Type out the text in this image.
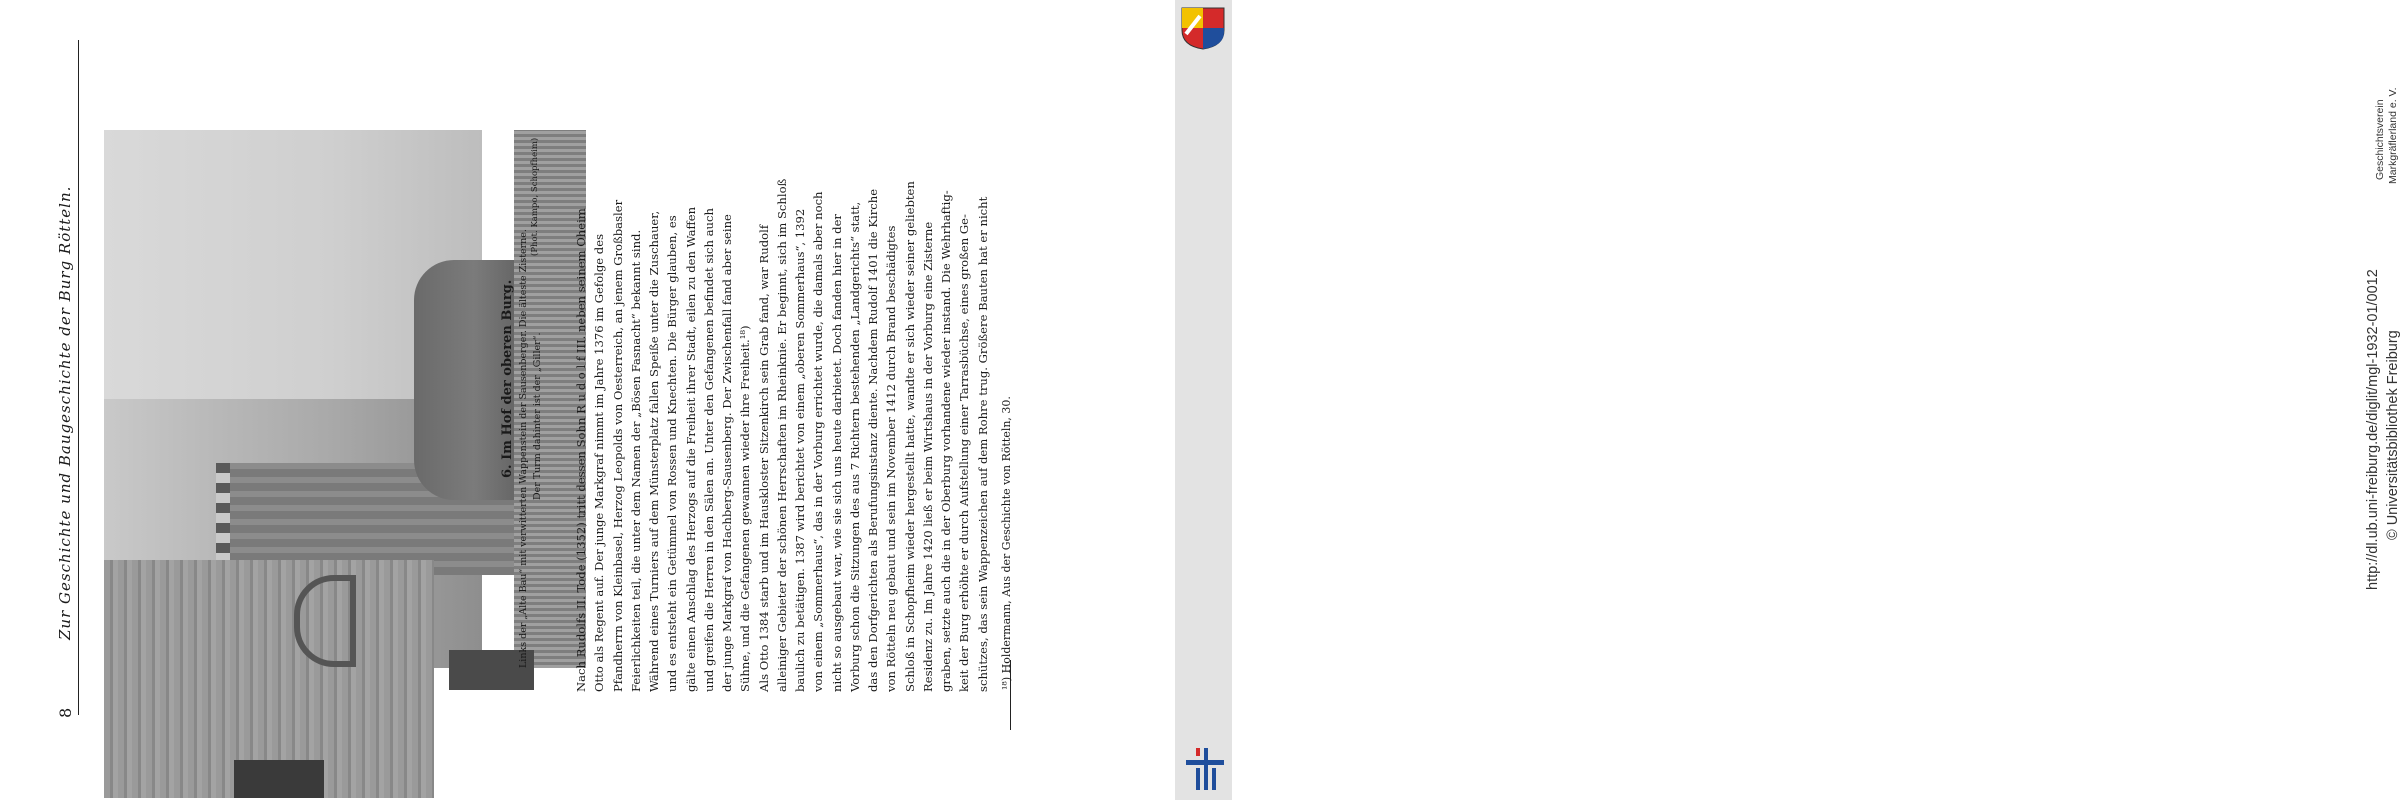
8
Zur Geschichte und Baugeschichte der Burg Rötteln.	6. Im Hof der oberen Burg. Links der „Alte Bau“ mit verwitterten Wappenstein der Sausenberger. Die älteste Zisterne. Der Turm dahinter ist der „Giller“.
(Phot. Kampo, Schopfheim)
Nach Rudolfs II. Tode (1352) tritt dessen Sohn R u d o l f III. neben seinem Oheim Otto als Regent auf. Der junge Markgraf nimmt im Jahre 1376 im Gefolge des Pfandherrn von Kleinbasel, Herzog Leopolds von Oesterreich, an jenem Großbasler Feierlichkeiten teil, die unter dem Namen der „Bösen Fasnacht“ bekannt sind. Während eines Turniers auf dem Münsterplatz fallen Speiße unter die Zuschauer, und es entsteht ein Getümmel von Rossen und Knechten. Die Bürger glauben, es gälte einen Anschlag des Herzogs auf die Freiheit ihrer Stadt, eilen zu den Waffen und greifen die Herren in den Sälen an. Unter den Gefangenen befindet sich auch der junge Markgraf von Hachberg-Sausenberg. Der Zwischenfall fand aber seine Sühne, und die Gefangenen gewannen wieder ihre Freiheit.¹⁸) Als Otto 1384 starb und im Hauskloster Sitzenkirch sein Grab fand, war Rudolf alleiniger Gebieter der schönen Herrschaften im Rheinknie. Er beginnt, sich im Schloß baulich zu betätigen. 1387 wird berichtet von einem „oberen Sommerhaus“, 1392 von einem „Sommerhaus“, das in der Vorburg errichtet wurde, die damals aber noch nicht so ausgebaut war, wie sie sich uns heute darbietet. Doch fanden hier in der Vorburg schon die Sitzungen des aus 7 Richtern bestehenden „Landgerichts“ statt, das den Dorfgerichten als Berufungsinstanz diente. Nachdem Rudolf 1401 die Kirche von Rötteln neu gebaut und sein im November 1412 durch Brand beschädigtes Schloß in Schopfheim wieder hergestellt hatte, wandte er sich wieder seiner geliebten Residenz zu. Im Jahre 1420 ließ er beim Wirtshaus in der Vorburg eine Zisterne graben, setzte auch die in der Oberburg vorhandene wieder instand. Die Wehrhaftig- keit der Burg erhöhte er durch Aufstellung einer Tarrasbüchse, eines großen Ge- schützes, das sein Wappenzeichen auf dem Rohre trug. Größere Bauten hat er nicht ¹⁸) Holdermann, Aus der Geschichte von Rötteln, 30.
Geschichtsverein Markgräflerland e. V.
http://dl.ub.uni-freiburg.de/diglit/mgl-1932-01/0012 © Universitätsbibliothek Freiburg
